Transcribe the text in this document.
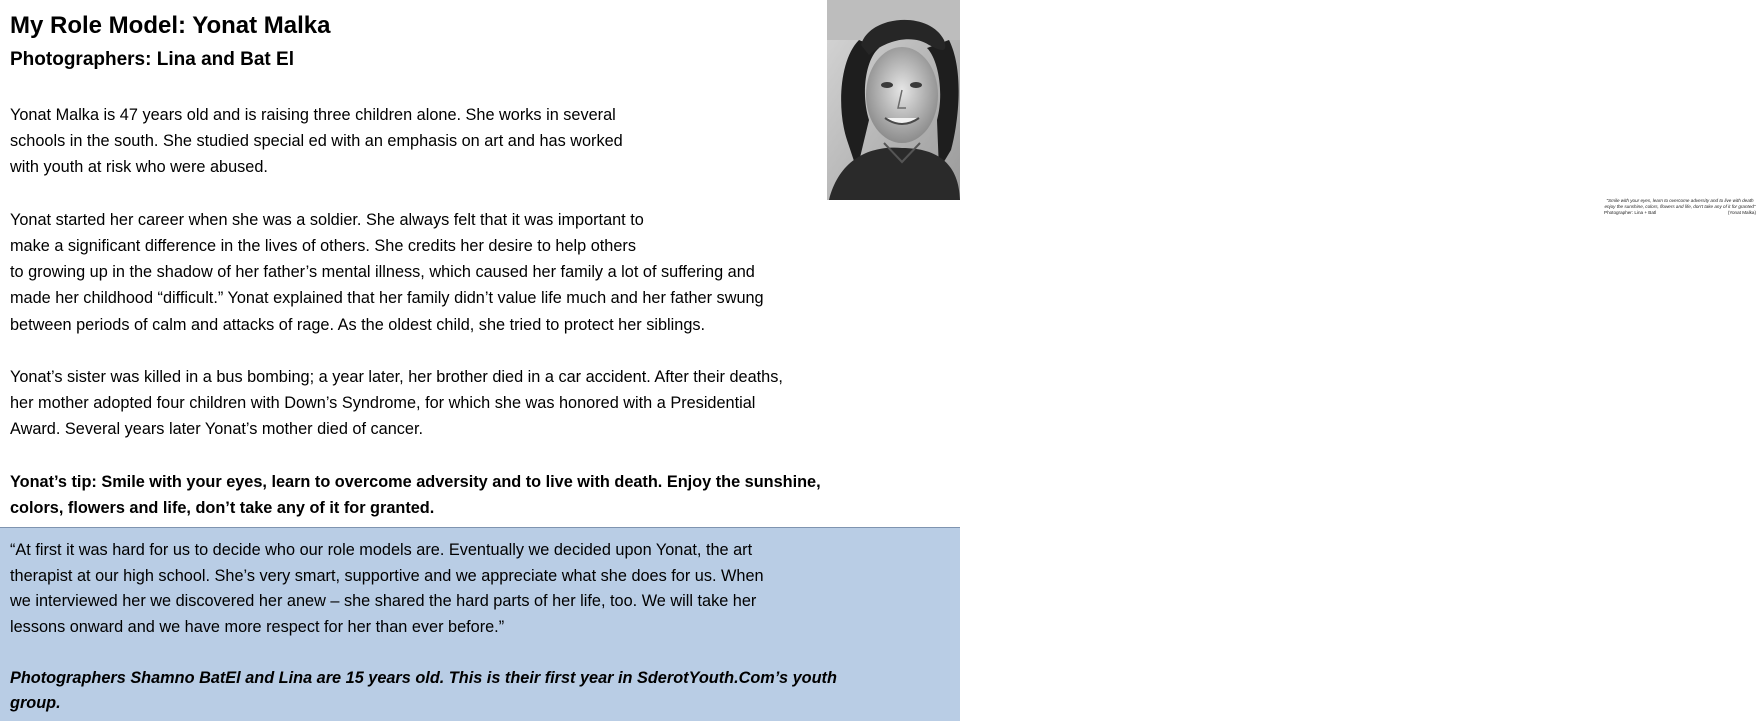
My Role Model: Yonat Malka
Photographers: Lina and Bat El
"Smile with your eyes, learn to overcome adversity and to live with death enjoy the sunshine, colors, flowers and life, don't take any of it for granted"
Photographer: Lina + Batl	(Yonat Malka)

Yonat Malka is 47 years old and is raising three children alone. She works in several

schools in the south. She studied special ed with an emphasis on art and has worked

with youth at risk who were abused.

Yonat started her career when she was a soldier. She always felt that it was important to

make a significant difference in the lives of others. She credits her desire to help others

to growing up in the shadow of her father’s mental illness, which caused her family a lot of suffering and

made her childhood “difficult.” Yonat explained that her family didn’t value life much and her father swung

between periods of calm and attacks of rage. As the oldest child, she tried to protect her siblings.

Yonat’s sister was killed in a bus bombing; a year later, her brother died in a car accident. After their deaths,

her mother adopted four children with Down’s Syndrome, for which she was honored with a Presidential

Award. Several years later Yonat’s mother died of cancer.

Yonat’s tip: Smile with your eyes, learn to overcome adversity and to live with death. Enjoy the sunshine,

colors, flowers and life, don’t take any of it for granted.

“At first it was hard for us to decide who our role models are. Eventually we decided upon Yonat, the art

therapist at our high school. She’s very smart, supportive and we appreciate what she does for us. When

we interviewed her we discovered her anew – she shared the hard parts of her life, too. We will take her

lessons onward and we have more respect for her than ever before.”

Photographers Shamno BatEl and Lina are 15 years old. This is their first year in SderotYouth.Com’s youth

group.
